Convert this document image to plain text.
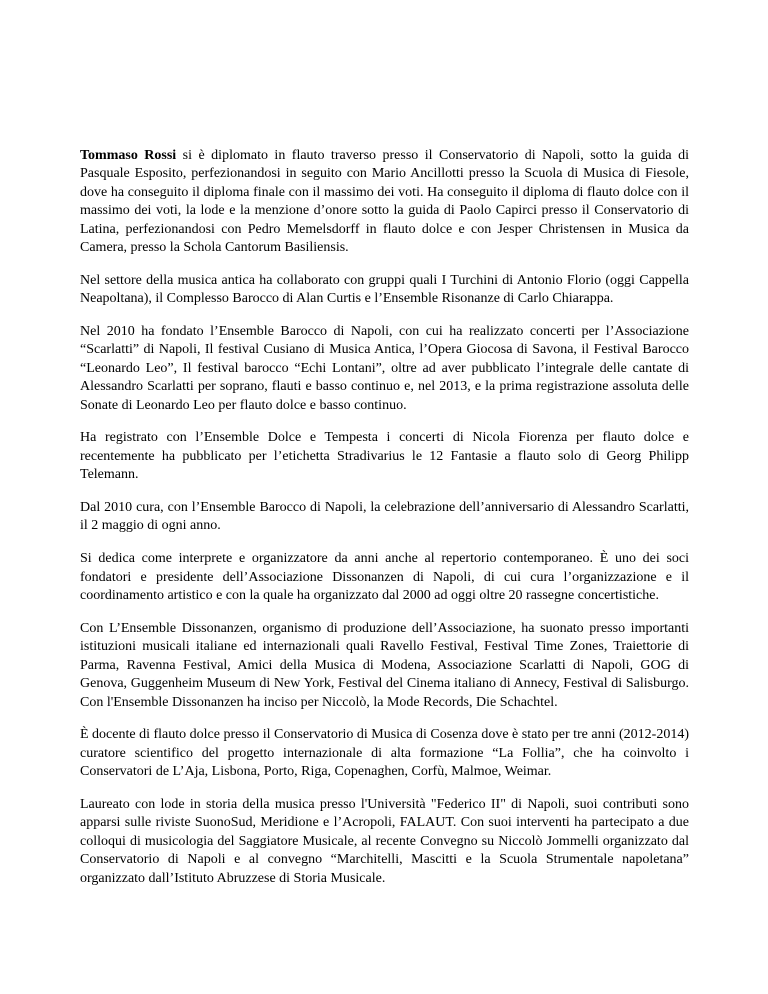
Tommaso Rossi si è diplomato in flauto traverso presso il Conservatorio di Napoli, sotto la guida di Pasquale Esposito, perfezionandosi in seguito con Mario Ancillotti presso la Scuola di Musica di Fiesole, dove ha conseguito il diploma finale con il massimo dei voti. Ha conseguito il diploma di flauto dolce con il massimo dei voti, la lode e la menzione d’onore sotto la guida di Paolo Capirci presso il Conservatorio di Latina, perfezionandosi con Pedro Memelsdorff in flauto dolce e con Jesper Christensen in Musica da Camera, presso la Schola Cantorum Basiliensis.

Nel settore della musica antica ha collaborato con gruppi quali I Turchini di Antonio Florio (oggi Cappella Neapoltana), il Complesso Barocco di Alan Curtis e l’Ensemble Risonanze di Carlo Chiarappa.

Nel 2010 ha fondato l’Ensemble Barocco di Napoli, con cui ha realizzato concerti per l’Associazione “Scarlatti” di Napoli, Il festival Cusiano di Musica Antica, l’Opera Giocosa di Savona, il Festival Barocco “Leonardo Leo”, Il festival barocco “Echi Lontani”, oltre ad aver pubblicato l’integrale delle cantate di Alessandro Scarlatti per soprano, flauti e basso continuo e, nel 2013, e la prima registrazione assoluta delle Sonate di Leonardo Leo per flauto dolce e basso continuo.

Ha registrato con l’Ensemble Dolce e Tempesta i concerti di Nicola Fiorenza per flauto dolce e recentemente ha pubblicato per l’etichetta Stradivarius le 12 Fantasie a flauto solo di Georg Philipp Telemann.

Dal 2010 cura, con l’Ensemble Barocco di Napoli, la celebrazione dell’anniversario di Alessandro Scarlatti, il 2 maggio di ogni anno.

Si dedica come interprete e organizzatore da anni anche al repertorio contemporaneo. È uno dei soci fondatori e presidente dell’Associazione Dissonanzen di Napoli, di cui cura l’organizzazione e il coordinamento artistico e con la quale ha organizzato dal 2000 ad oggi oltre 20 rassegne concertistiche.

Con L’Ensemble Dissonanzen, organismo di produzione dell’Associazione, ha suonato presso importanti istituzioni musicali italiane ed internazionali quali Ravello Festival, Festival Time Zones, Traiettorie di Parma, Ravenna Festival, Amici della Musica di Modena, Associazione Scarlatti di Napoli, GOG di Genova, Guggenheim Museum di New York, Festival del Cinema italiano di Annecy, Festival di Salisburgo. Con l'Ensemble Dissonanzen ha inciso per Niccolò, la Mode Records, Die Schachtel.

È docente di flauto dolce presso il Conservatorio di Musica di Cosenza dove è stato per tre anni (2012-2014) curatore scientifico del progetto internazionale di alta formazione “La Follia”, che ha coinvolto i Conservatori de L’Aja, Lisbona, Porto, Riga, Copenaghen, Corfù, Malmoe, Weimar.

Laureato con lode in storia della musica presso l'Università "Federico II" di Napoli, suoi contributi sono apparsi sulle riviste SuonoSud, Meridione e l’Acropoli, FALAUT. Con suoi interventi ha partecipato a due colloqui di musicologia del Saggiatore Musicale, al recente Convegno su Niccolò Jommelli organizzato dal Conservatorio di Napoli e al convegno “Marchitelli, Mascitti e la Scuola Strumentale napoletana” organizzato dall’Istituto Abruzzese di Storia Musicale.
